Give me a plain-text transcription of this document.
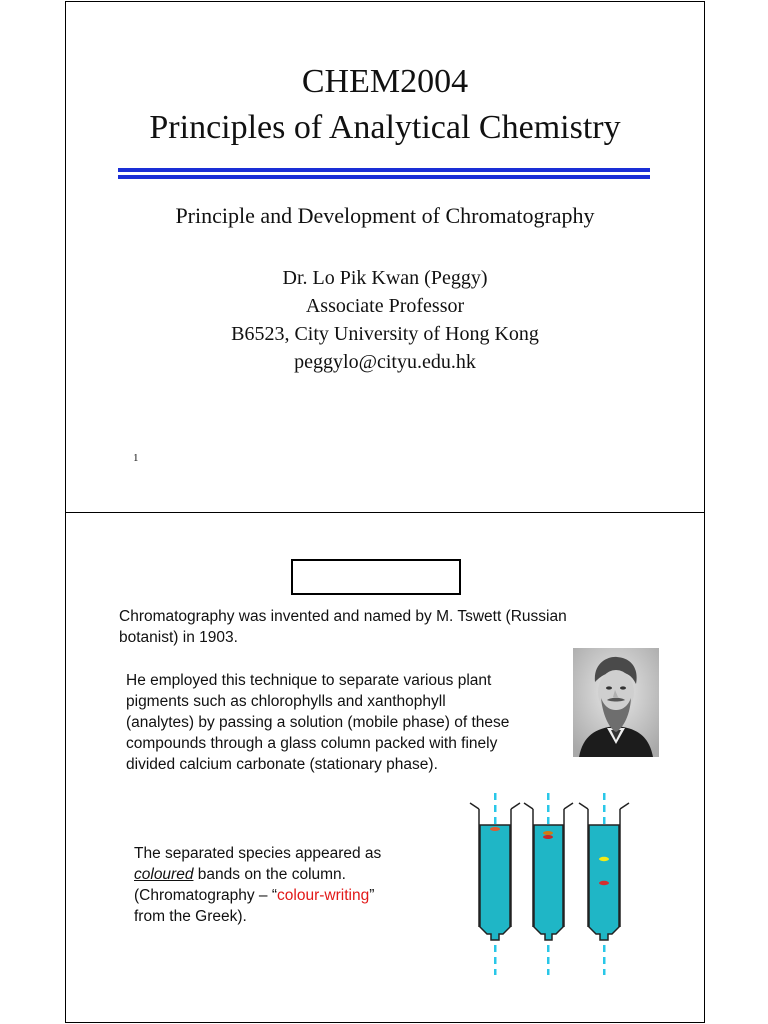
CHEM2004
Principles of Analytical Chemistry
Principle and Development of Chromatography
Dr. Lo Pik Kwan (Peggy)
Associate Professor
B6523, City University of Hong Kong
peggylo@cityu.edu.hk
1
Chromatography was invented and named by M. Tswett (Russian
botanist) in 1903.
He employed this technique to separate various plant
pigments such as chlorophylls and xanthophyll
(analytes) by passing a solution (mobile phase) of these
compounds through a glass column packed with finely
divided calcium carbonate (stationary phase).
The separated species appeared as
coloured bands on the column.
(Chromatography – “colour-writing”
from the Greek).
